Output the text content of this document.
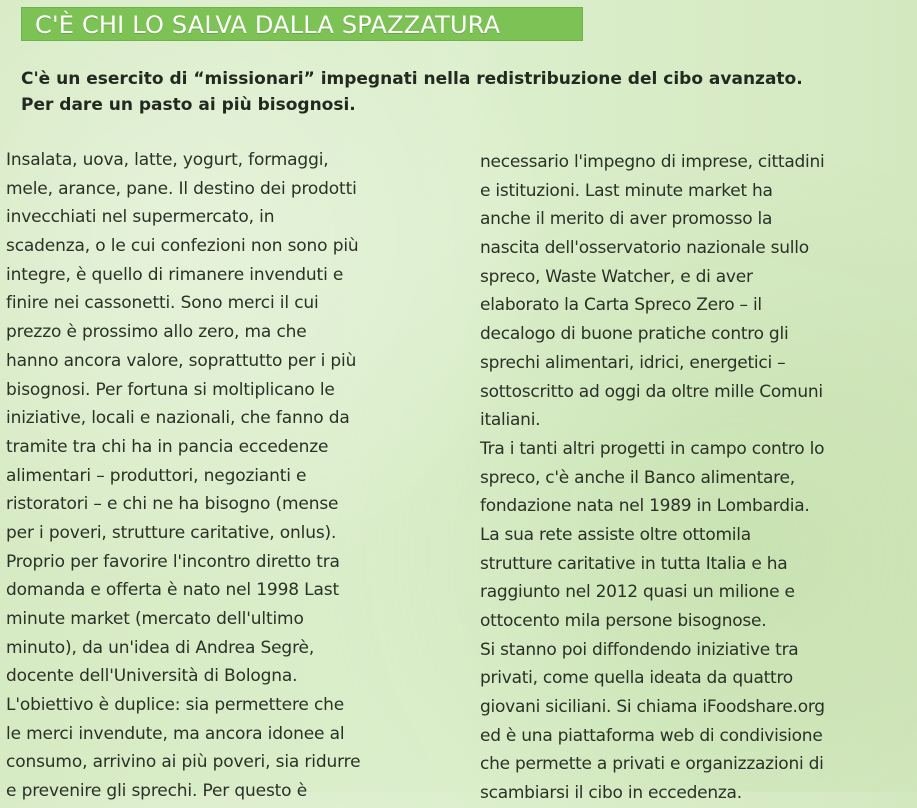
C'È CHI LO SALVA DALLA SPAZZATURA
C'è un esercito di “missionari” impegnati nella redistribuzione del cibo avanzato.
Per dare un pasto ai più bisognosi.
Insalata, uova, latte, yogurt, formaggi,
mele, arance, pane. Il destino dei prodotti
invecchiati nel supermercato, in
scadenza, o le cui confezioni non sono più
integre, è quello di rimanere invenduti e
finire nei cassonetti. Sono merci il cui
prezzo è prossimo allo zero, ma che
hanno ancora valore, soprattutto per i più
bisognosi. Per fortuna si moltiplicano le
iniziative, locali e nazionali, che fanno da
tramite tra chi ha in pancia eccedenze
alimentari – produttori, negozianti e
ristoratori – e chi ne ha bisogno (mense
per i poveri, strutture caritative, onlus).
Proprio per favorire l'incontro diretto tra
domanda e offerta è nato nel 1998 Last
minute market (mercato dell'ultimo
minuto), da un'idea di Andrea Segrè,
docente dell'Università di Bologna.
L'obiettivo è duplice: sia permettere che
le merci invendute, ma ancora idonee al
consumo, arrivino ai più poveri, sia ridurre
e prevenire gli sprechi. Per questo è
necessario l'impegno di imprese, cittadini
e istituzioni. Last minute market ha
anche il merito di aver promosso la
nascita dell'osservatorio nazionale sullo
spreco, Waste Watcher, e di aver
elaborato la Carta Spreco Zero – il
decalogo di buone pratiche contro gli
sprechi alimentari, idrici, energetici –
sottoscritto ad oggi da oltre mille Comuni
italiani.
Tra i tanti altri progetti in campo contro lo
spreco, c'è anche il Banco alimentare,
fondazione nata nel 1989 in Lombardia.
La sua rete assiste oltre ottomila
strutture caritative in tutta Italia e ha
raggiunto nel 2012 quasi un milione e
ottocento mila persone bisognose.
Si stanno poi diffondendo iniziative tra
privati, come quella ideata da quattro
giovani siciliani. Si chiama iFoodshare.org
ed è una piattaforma web di condivisione
che permette a privati e organizzazioni di
scambiarsi il cibo in eccedenza.
